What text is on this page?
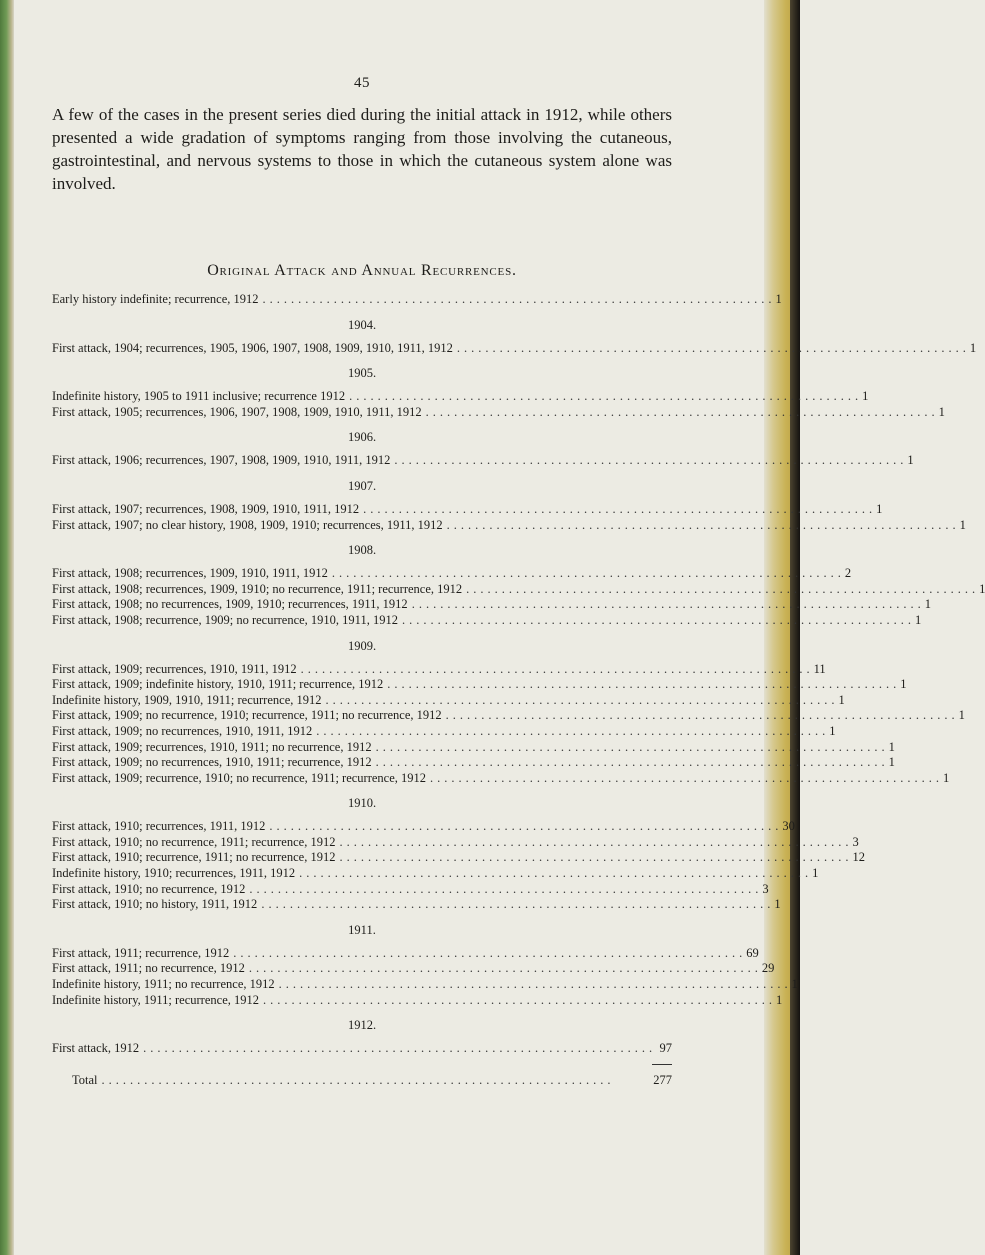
45
A few of the cases in the present series died during the initial attack in 1912, while others presented a wide gradation of symptoms ranging from those involving the cutaneous, gastrointestinal, and nervous systems to those in which the cutaneous system alone was involved.
Original Attack and Annual Recurrences.
Early history indefinite; recurrence, 1912 ........................................................................ 1
1904.
First attack, 1904; recurrences, 1905, 1906, 1907, 1908, 1909, 1910, 1911, 1912 ........................................................................ 1
1905.
Indefinite history, 1905 to 1911 inclusive; recurrence 1912 ........................................................................ 1
First attack, 1905; recurrences, 1906, 1907, 1908, 1909, 1910, 1911, 1912 ........................................................................ 1
1906.
First attack, 1906; recurrences, 1907, 1908, 1909, 1910, 1911, 1912 ........................................................................ 1
1907.
First attack, 1907; recurrences, 1908, 1909, 1910, 1911, 1912 ........................................................................ 1
First attack, 1907; no clear history, 1908, 1909, 1910; recurrences, 1911, 1912 ........................................................................ 1
1908.
First attack, 1908; recurrences, 1909, 1910, 1911, 1912 ........................................................................ 2
First attack, 1908; recurrences, 1909, 1910; no recurrence, 1911; recurrence, 1912 ........................................................................ 1
First attack, 1908; no recurrences, 1909, 1910; recurrences, 1911, 1912 ........................................................................ 1
First attack, 1908; recurrence, 1909; no recurrence, 1910, 1911, 1912 ........................................................................ 1
1909.
First attack, 1909; recurrences, 1910, 1911, 1912 ........................................................................ 11
First attack, 1909; indefinite history, 1910, 1911; recurrence, 1912 ........................................................................ 1
Indefinite history, 1909, 1910, 1911; recurrence, 1912 ........................................................................ 1
First attack, 1909; no recurrence, 1910; recurrence, 1911; no recurrence, 1912 ........................................................................ 1
First attack, 1909; no recurrences, 1910, 1911, 1912 ........................................................................ 1
First attack, 1909; recurrences, 1910, 1911; no recurrence, 1912 ........................................................................ 1
First attack, 1909; no recurrences, 1910, 1911; recurrence, 1912 ........................................................................ 1
First attack, 1909; recurrence, 1910; no recurrence, 1911; recurrence, 1912 ........................................................................ 1
1910.
First attack, 1910; recurrences, 1911, 1912 ........................................................................ 30
First attack, 1910; no recurrence, 1911; recurrence, 1912 ........................................................................ 3
First attack, 1910; recurrence, 1911; no recurrence, 1912 ........................................................................ 12
Indefinite history, 1910; recurrences, 1911, 1912 ........................................................................ 1
First attack, 1910; no recurrence, 1912 ........................................................................ 3
First attack, 1910; no history, 1911, 1912 ........................................................................ 1
1911.
First attack, 1911; recurrence, 1912 ........................................................................ 69
First attack, 1911; no recurrence, 1912 ........................................................................ 29
Indefinite history, 1911; no recurrence, 1912 ........................................................................ 1
Indefinite history, 1911; recurrence, 1912 ........................................................................ 1
1912.
First attack, 1912 ........................................................................ 97
Total ........................................................................	277
